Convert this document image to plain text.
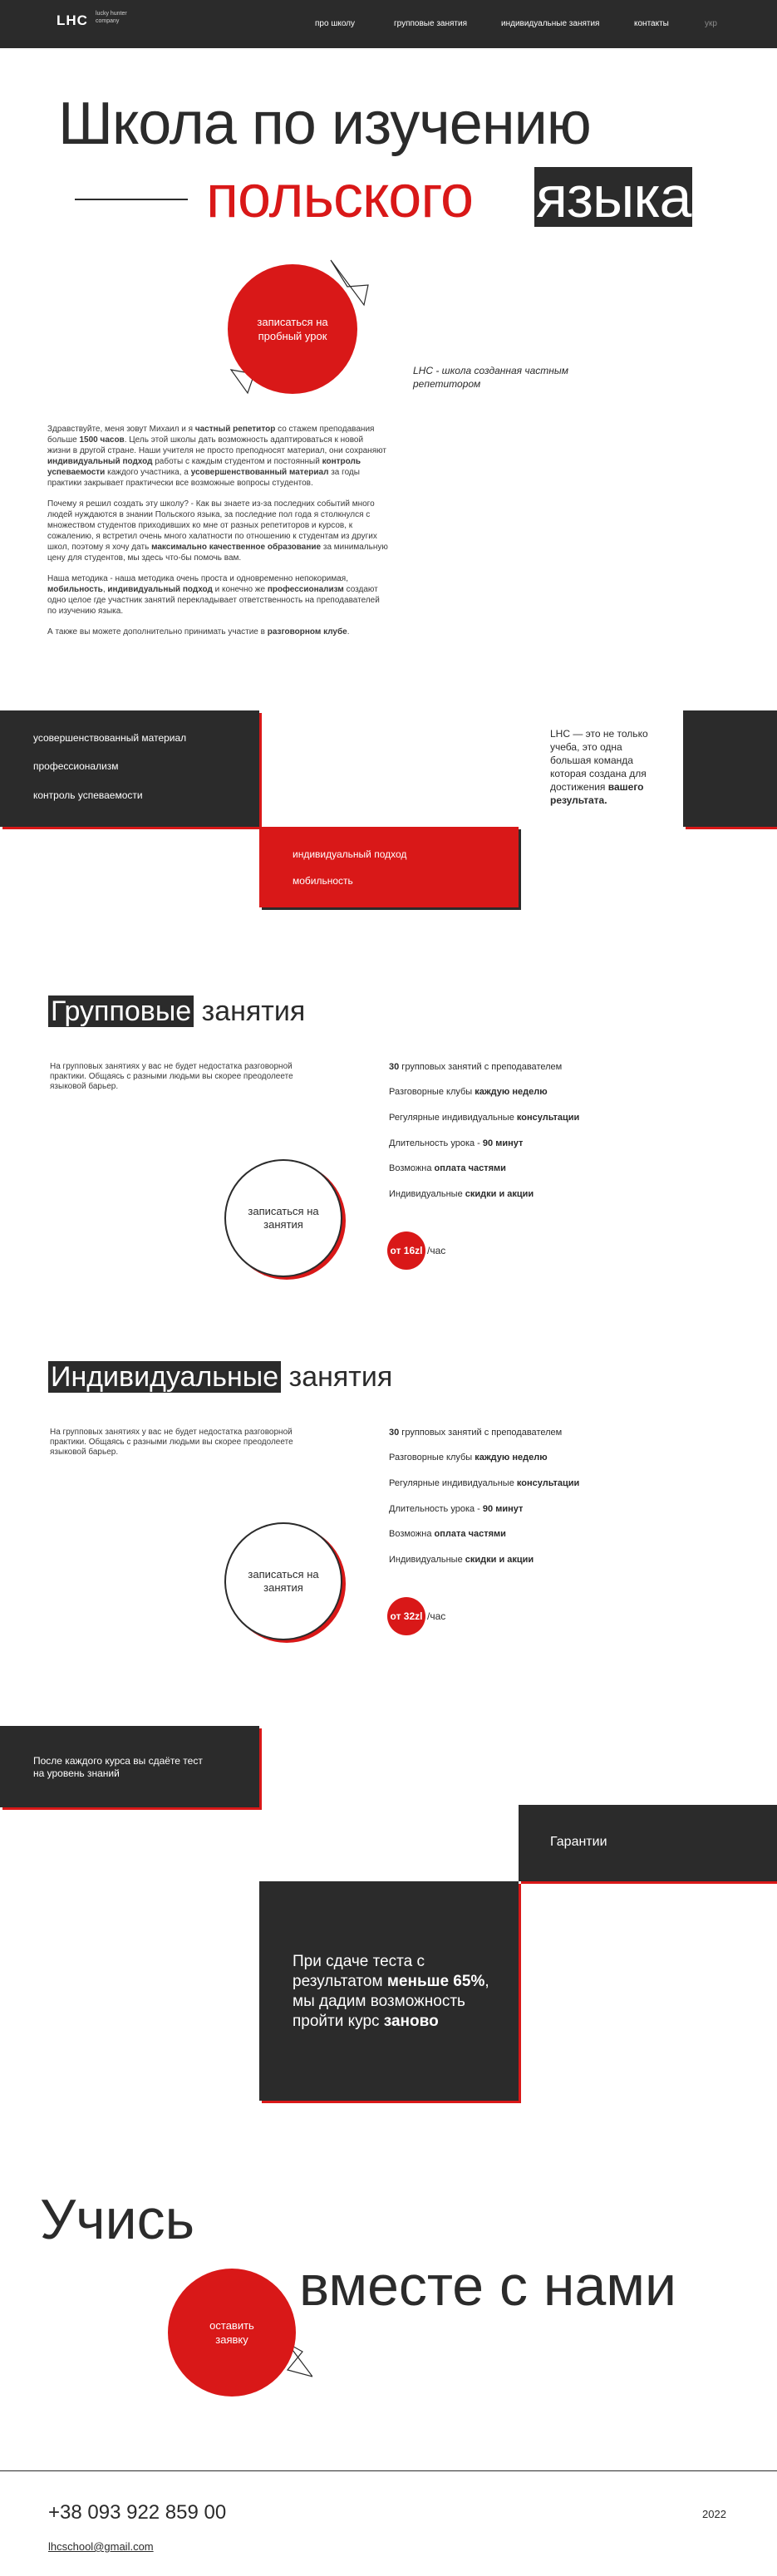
LHC lucky hunter company	про школу	групповые занятия	индивидуальные занятия	контакты	укр
Школа по изучению
польского языка
записаться на пробный урок
LHC - школа созданная частным репетитором

Здравствуйте, меня зовут Михаил и я частный репетитор со стажем преподавания больше 1500 часов. Цель этой школы дать возможность адаптироваться к новой жизни в другой стране. Наши учителя не просто преподносят материал, они сохраняют индивидуальный подход работы с каждым студентом и постоянный контроль успеваемости каждого участника, а усовершенствованный материал за годы практики закрывает практически все возможные вопросы студентов.

Почему я решил создать эту школу? - Как вы знаете из-за последних событий много людей нуждаются в знании Польского языка, за последние пол года я столкнулся с множеством студентов приходивших ко мне от разных репетиторов и курсов, к сожалению, я встретил очень много халатности по отношению к студентам из других школ, поэтому я хочу дать максимально качественное образование за минимальную цену для студентов, мы здесь что-бы помочь вам.

Наша методика - наша методика очень проста и одновременно непокоримая, мобильность, индивидуальный подход и конечно же профессионализм создают одно целое где участник занятий перекладывает ответственность на преподавателей по изучению языка.

А также вы можете дополнительно принимать участие в разговорном клубе.

усовершенствованный материал
профессионализм
контроль успеваемости
индивидуальный подход
мобильность
LHC — это не только учеба, это одна большая команда которая создана для достижения вашего результата.
Групповые занятия
На групповых занятиях у вас не будет недостатка разговорной практики. Общаясь с разными людьми вы скорее преодолеете языковой барьер.
записаться на занятия
30 групповых занятий с преподавателем
Разговорные клубы каждую неделю
Регулярные индивидуальные консультации
Длительность урока - 90 минут
Возможна оплата частями
Индивидуальные скидки и акции
от 16zl /час
Индивидуальные занятия
На групповых занятиях у вас не будет недостатка разговорной практики. Общаясь с разными людьми вы скорее преодолеете языковой барьер.
записаться на занятия
30 групповых занятий с преподавателем
Разговорные клубы каждую неделю
Регулярные индивидуальные консультации
Длительность урока - 90 минут
Возможна оплата частями
Индивидуальные скидки и акции
от 32zl /час
После каждого курса вы сдаёте тест на уровень знаний
Гарантии
При сдаче теста с результатом меньше 65%, мы дадим возможность пройти курс заново
Учись
вместе с нами
оставить заявку
+38 093 922 859 00	2022
lhcschool@gmail.com
